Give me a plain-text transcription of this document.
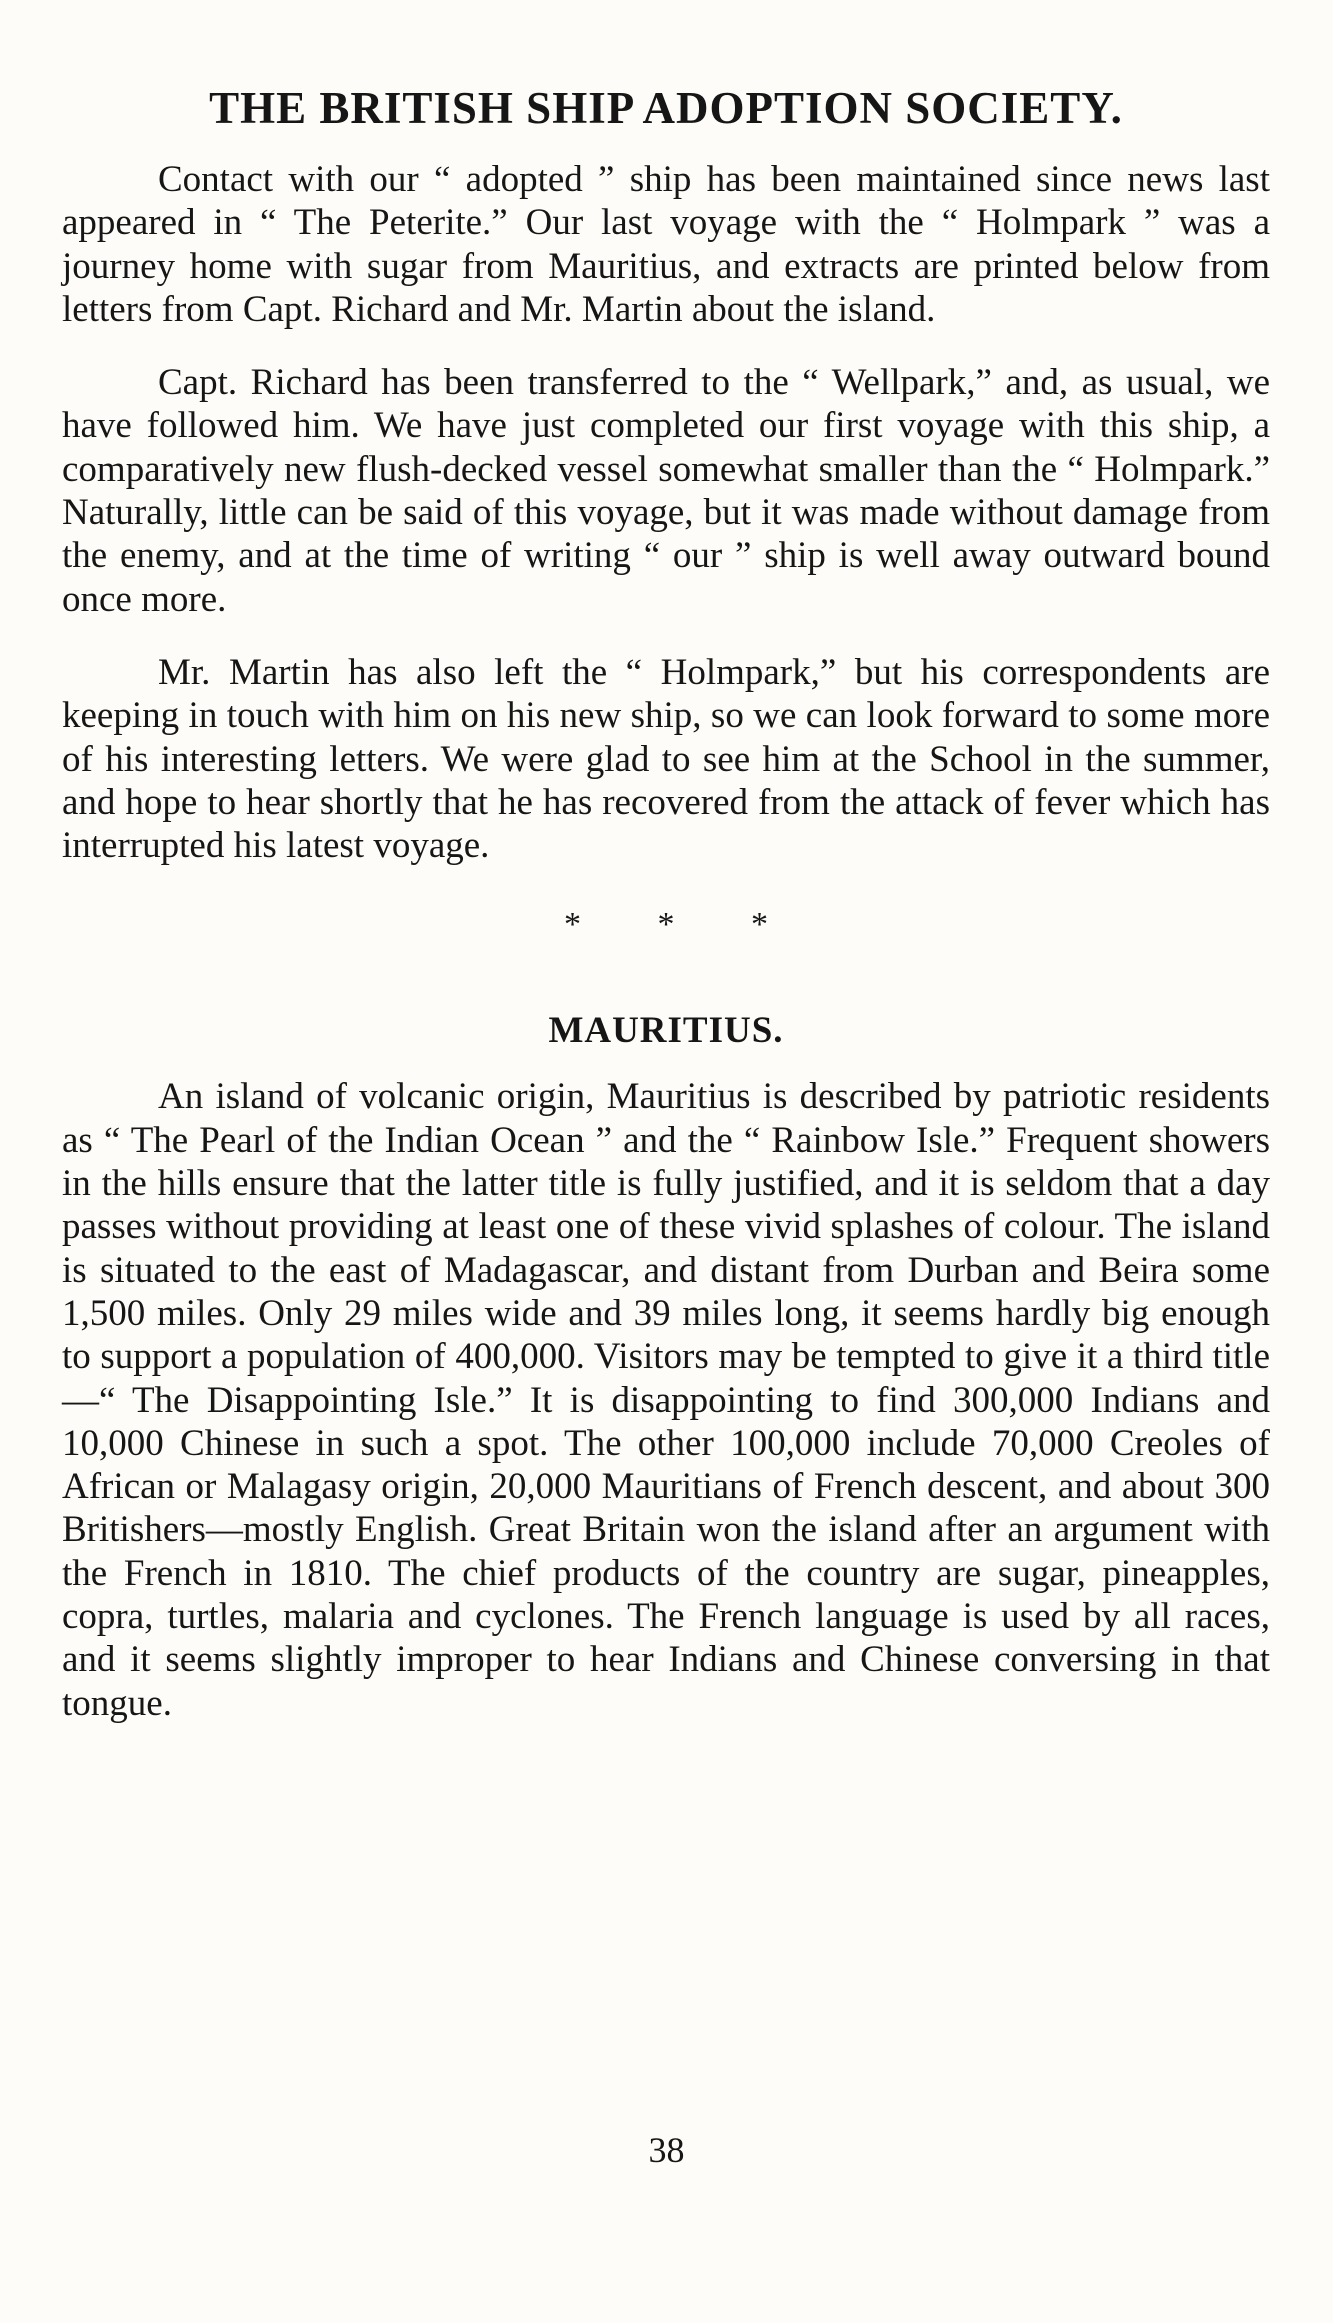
THE BRITISH SHIP ADOPTION SOCIETY.

Contact with our “ adopted ” ship has been maintained since news last appeared in “ The Peterite.” Our last voyage with the “ Holmpark ” was a journey home with sugar from Mauritius, and extracts are printed below from letters from Capt. Richard and Mr. Martin about the island.

Capt. Richard has been transferred to the “ Wellpark,” and, as usual, we have followed him. We have just completed our first voyage with this ship, a comparatively new flush-decked vessel somewhat smaller than the “ Holmpark.” Naturally, little can be said of this voyage, but it was made without damage from the enemy, and at the time of writing “ our ” ship is well away outward bound once more.

Mr. Martin has also left the “ Holmpark,” but his correspondents are keeping in touch with him on his new ship, so we can look forward to some more of his interesting letters. We were glad to see him at the School in the summer, and hope to hear shortly that he has recovered from the attack of fever which has interrupted his latest voyage.

* * *
MAURITIUS.

An island of volcanic origin, Mauritius is described by patriotic residents as “ The Pearl of the Indian Ocean ” and the “ Rainbow Isle.” Frequent showers in the hills ensure that the latter title is fully justified, and it is seldom that a day passes without providing at least one of these vivid splashes of colour. The island is situated to the east of Madagascar, and distant from Durban and Beira some 1,500 miles. Only 29 miles wide and 39 miles long, it seems hardly big enough to support a population of 400,000. Visitors may be tempted to give it a third title—“ The Disappointing Isle.” It is disappointing to find 300,000 Indians and 10,000 Chinese in such a spot. The other 100,000 include 70,000 Creoles of African or Malagasy origin, 20,000 Mauritians of French descent, and about 300 Britishers—mostly English. Great Britain won the island after an argument with the French in 1810. The chief products of the country are sugar, pineapples, copra, turtles, malaria and cyclones. The French language is used by all races, and it seems slightly improper to hear Indians and Chinese conversing in that tongue.

38
